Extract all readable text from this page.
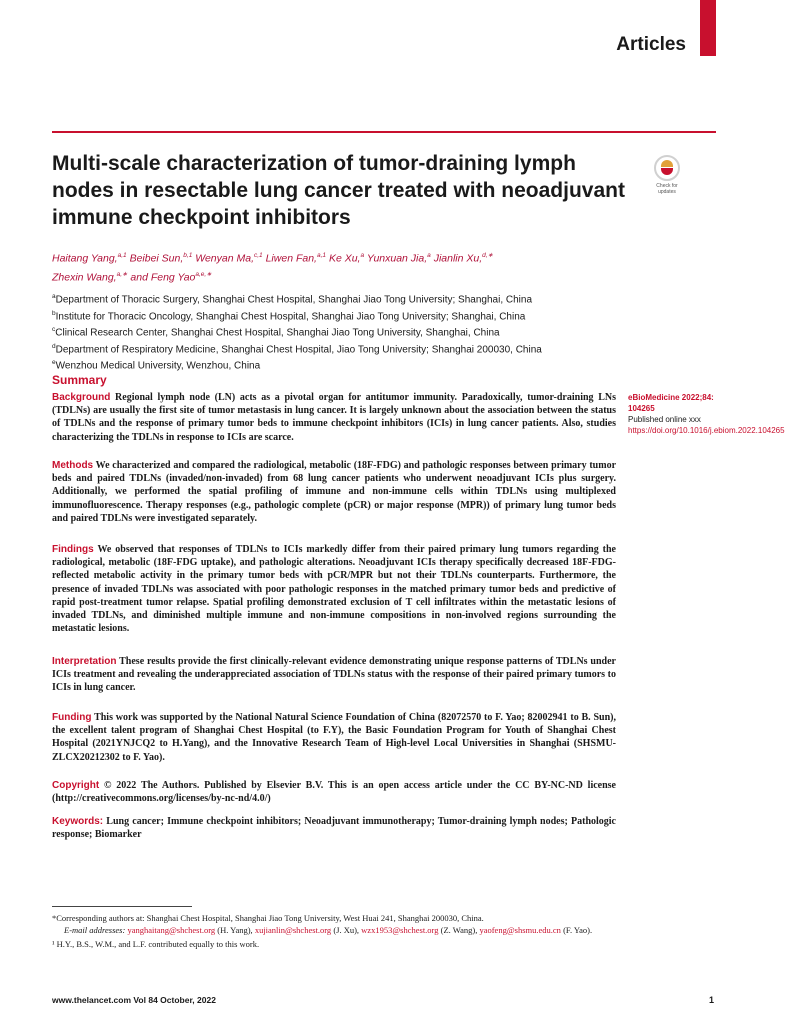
Articles
Multi-scale characterization of tumor-draining lymph nodes in resectable lung cancer treated with neoadjuvant immune checkpoint inhibitors
Check for
updates
Haitang Yang,$^{a,1}$ Beibei Sun,$^{b,1}$ Wenyan Ma,$^{c,1}$ Liwen Fan,$^{a,1}$ Ke Xu,$^a$ Yunxuan Jia,$^a$ Jianlin Xu,$^{d,∗}$
Zhexin Wang,$^{a,∗}$ and Feng Yao$^{a,e,∗}$
$^a$Department of Thoracic Surgery, Shanghai Chest Hospital, Shanghai Jiao Tong University; Shanghai, China
$^b$Institute for Thoracic Oncology, Shanghai Chest Hospital, Shanghai Jiao Tong University; Shanghai, China
$^c$Clinical Research Center, Shanghai Chest Hospital, Shanghai Jiao Tong University, Shanghai, China
$^d$Department of Respiratory Medicine, Shanghai Chest Hospital, Jiao Tong University; Shanghai 200030, China
$^e$Wenzhou Medical University, Wenzhou, China
Summary

Background Regional lymph node (LN) acts as a pivotal organ for antitumor immunity. Paradoxically, tumor-draining LNs (TDLNs) are usually the first site of tumor metastasis in lung cancer. It is largely unknown about the association between the status of TDLNs and the response of primary tumor beds to immune checkpoint inhibitors (ICIs) in lung cancer patients. Also, studies characterizing the TDLNs in response to ICIs are scarce.

Methods We characterized and compared the radiological, metabolic (18F-FDG) and pathologic responses between primary tumor beds and paired TDLNs (invaded/non-invaded) from 68 lung cancer patients who underwent neoadjuvant ICIs plus surgery. Additionally, we performed the spatial profiling of immune and non-immune cells within TDLNs using multiplexed immunofluorescence. Therapy responses (e.g., pathologic complete (pCR) or major response (MPR)) of primary lung tumor beds and paired TDLNs were investigated separately.

Findings We observed that responses of TDLNs to ICIs markedly differ from their paired primary lung tumors regarding the radiological, metabolic (18F-FDG uptake), and pathologic alterations. Neoadjuvant ICIs therapy specifically decreased 18F-FDG-reflected metabolic activity in the primary tumor beds with pCR/MPR but not their TDLNs counterparts. Furthermore, the presence of invaded TDLNs was associated with poor pathologic responses in the matched primary tumor beds and predictive of rapid post-treatment tumor relapse. Spatial profiling demonstrated exclusion of T cell infiltrates within the metastatic lesions of invaded TDLNs, and diminished multiple immune and non-immune compositions in non-involved regions surrounding the metastatic lesions.

Interpretation These results provide the first clinically-relevant evidence demonstrating unique response patterns of TDLNs under ICIs treatment and revealing the underappreciated association of TDLNs status with the response of their paired primary tumors to ICIs in lung cancer.

Funding This work was supported by the National Natural Science Foundation of China (82072570 to F. Yao; 82002941 to B. Sun), the excellent talent program of Shanghai Chest Hospital (to F.Y), the Basic Foundation Program for Youth of Shanghai Chest Hospital (2021YNJCQ2 to H.Yang), and the Innovative Research Team of High-level Local Universities in Shanghai (SHSMU-ZLCX20212302 to F. Yao).

Copyright © 2022 The Authors. Published by Elsevier B.V. This is an open access article under the CC BY-NC-ND license (http://creativecommons.org/licenses/by-nc-nd/4.0/)

Keywords: Lung cancer; Immune checkpoint inhibitors; Neoadjuvant immunotherapy; Tumor-draining lymph nodes; Pathologic response; Biomarker

eBioMedicine 2022;84: 104265
Published online xxx
https://doi.org/10.1016/j.ebiom.2022.104265
*Corresponding authors at: Shanghai Chest Hospital, Shanghai Jiao Tong University, West Huai 241, Shanghai 200030, China.
E-mail addresses: yanghaitang@shchest.org (H. Yang), xujianlin@shchest.org (J. Xu), wzx1953@shchest.org (Z. Wang), yaofeng@shsmu.edu.cn (F. Yao).
¹ H.Y., B.S., W.M., and L.F. contributed equally to this work.
www.thelancet.com Vol 84 October, 2022	1
